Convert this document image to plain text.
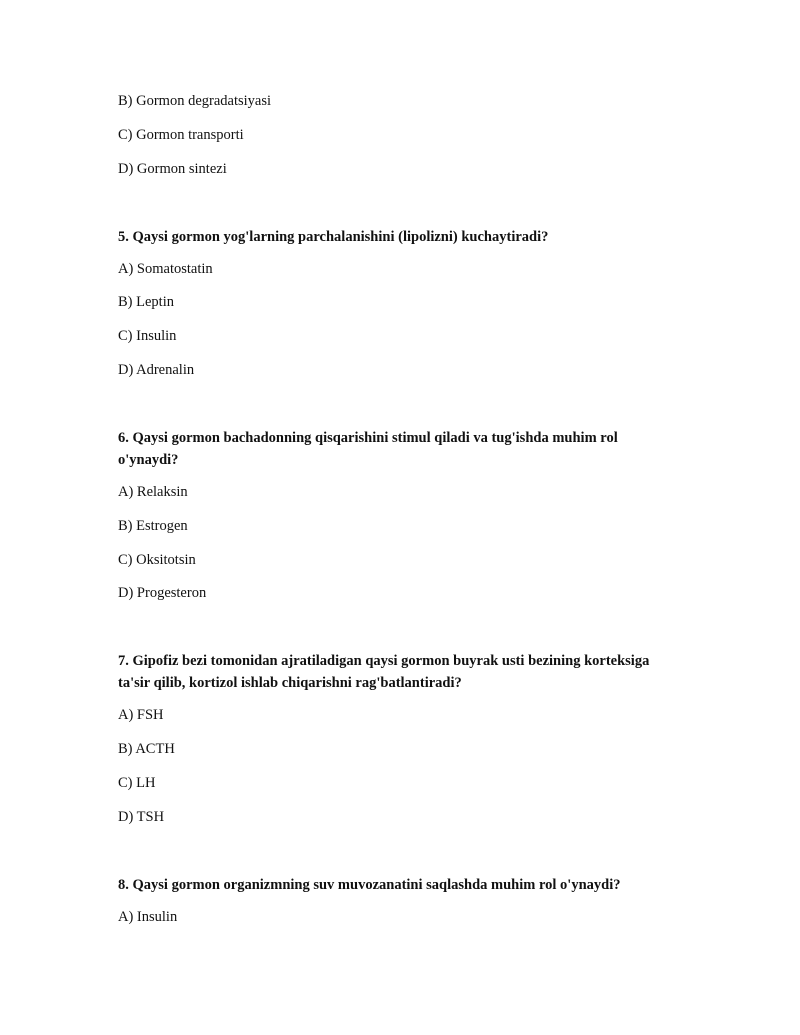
B) Gormon degradatsiyasi

C) Gormon transporti

D) Gormon sintezi

5. Qaysi gormon yog'larning parchalanishini (lipolizni) kuchaytiradi?

A) Somatostatin

B) Leptin

C) Insulin

D) Adrenalin

6. Qaysi gormon bachadonning qisqarishini stimul qiladi va tug'ishda muhim rol o'ynaydi?

A) Relaksin

B) Estrogen

C) Oksitotsin

D) Progesteron

7. Gipofiz bezi tomonidan ajratiladigan qaysi gormon buyrak usti bezining korteksiga ta'sir qilib, kortizol ishlab chiqarishni rag'batlantiradi?

A) FSH

B) ACTH

C) LH

D) TSH

8. Qaysi gormon organizmning suv muvozanatini saqlashda muhim rol o'ynaydi?

A) Insulin
